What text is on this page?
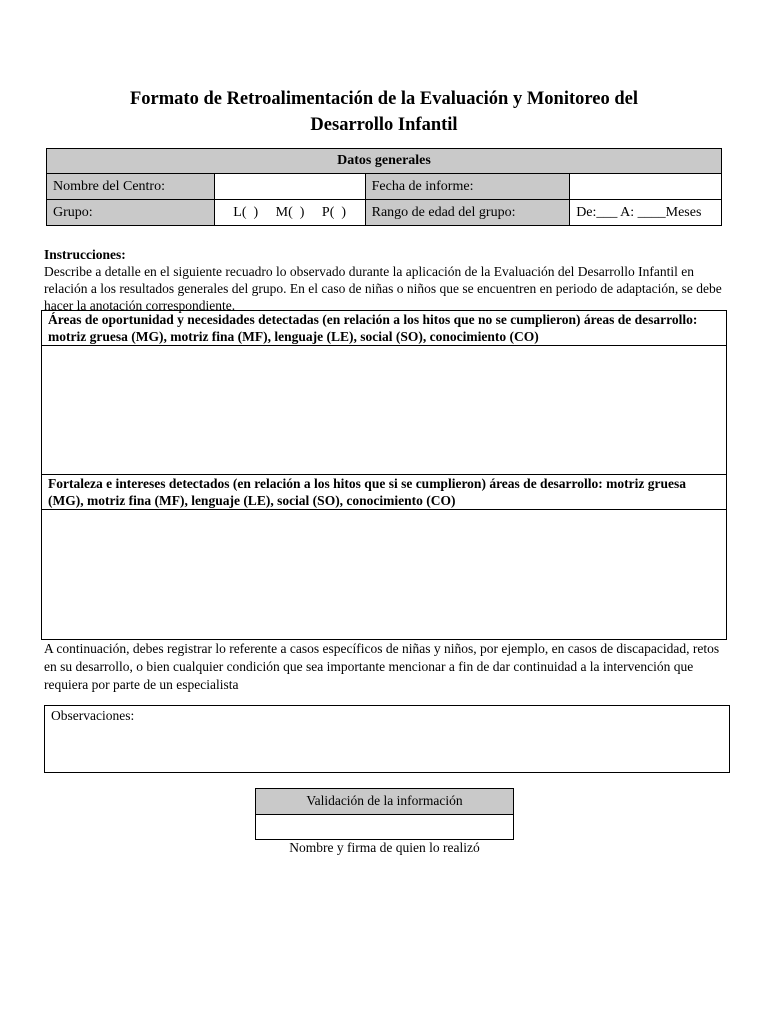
Formato de Retroalimentación de la Evaluación y Monitoreo del
Desarrollo Infantil
Datos generales			
Nombre del Centro:		Fecha de informe:	
Grupo:	L(  )     M(  )     P(  )	Rango de edad del grupo:	De:___ A: ____Meses
Instrucciones:
Describe a detalle en el siguiente recuadro lo observado durante la aplicación de la Evaluación del Desarrollo Infantil en relación a los resultados generales del grupo. En el caso de niñas o niños que se encuentren en periodo de adaptación, se debe hacer la anotación correspondiente.
Áreas de oportunidad y necesidades detectadas (en relación a los hitos que no se cumplieron) áreas de desarrollo: motriz gruesa (MG), motriz fina (MF), lenguaje (LE), social (SO), conocimiento (CO)
Fortaleza e intereses detectados (en relación a los hitos que si se cumplieron) áreas de desarrollo: motriz gruesa (MG), motriz fina (MF), lenguaje (LE), social (SO), conocimiento (CO)
A continuación, debes registrar lo referente a casos específicos de niñas y niños, por ejemplo, en casos de discapacidad, retos en su desarrollo, o bien cualquier condición que sea importante mencionar a fin de dar continuidad a la intervención que requiera por parte de un especialista
Observaciones:
Validación de la información
Nombre y firma de quien lo realizó
